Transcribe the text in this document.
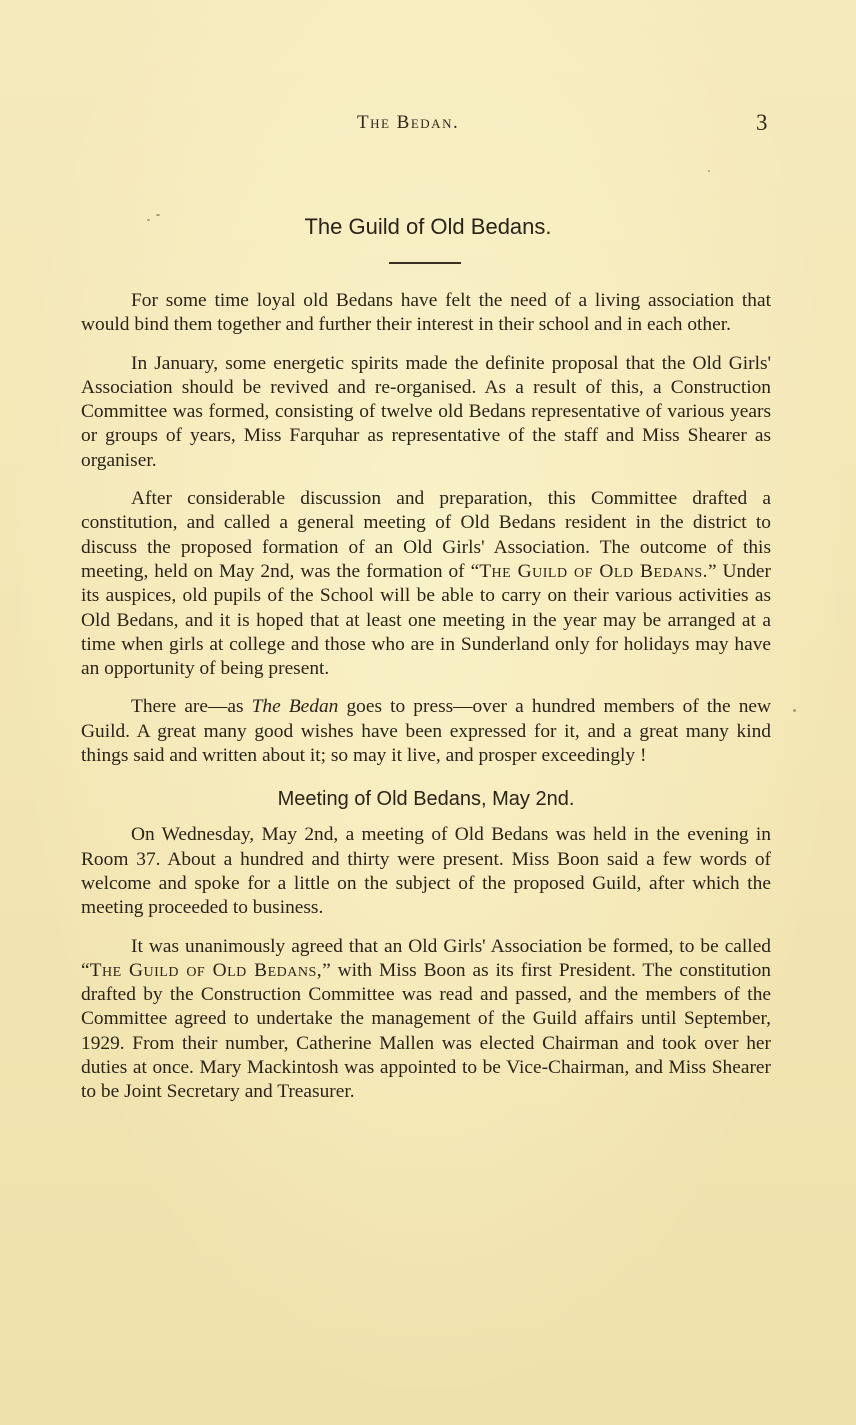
The Bedan.	3
The Guild of Old Bedans.

For some time loyal old Bedans have felt the need of a living association that would bind them together and further their interest in their school and in each other.

In January, some energetic spirits made the definite proposal that the Old Girls' Association should be revived and re-organised. As a result of this, a Construction Committee was formed, consisting of twelve old Bedans representative of various years or groups of years, Miss Farquhar as representative of the staff and Miss Shearer as organiser.

After considerable discussion and preparation, this Committee drafted a constitution, and called a general meeting of Old Bedans resident in the district to discuss the proposed formation of an Old Girls' Association. The outcome of this meeting, held on May 2nd, was the formation of “The Guild of Old Bedans.” Under its auspices, old pupils of the School will be able to carry on their various activities as Old Bedans, and it is hoped that at least one meeting in the year may be arranged at a time when girls at college and those who are in Sunderland only for holidays may have an opportunity of being present.

There are—as The Bedan goes to press—over a hundred members of the new Guild. A great many good wishes have been expressed for it, and a great many kind things said and written about it; so may it live, and prosper exceedingly !

Meeting of Old Bedans, May 2nd.

On Wednesday, May 2nd, a meeting of Old Bedans was held in the evening in Room 37. About a hundred and thirty were present. Miss Boon said a few words of welcome and spoke for a little on the subject of the proposed Guild, after which the meeting proceeded to business.

It was unanimously agreed that an Old Girls' Association be formed, to be called “The Guild of Old Bedans,” with Miss Boon as its first President. The constitution drafted by the Construction Committee was read and passed, and the members of the Committee agreed to undertake the management of the Guild affairs until September, 1929. From their number, Catherine Mallen was elected Chairman and took over her duties at once. Mary Mackintosh was appointed to be Vice-Chairman, and Miss Shearer to be Joint Secretary and Treasurer.
